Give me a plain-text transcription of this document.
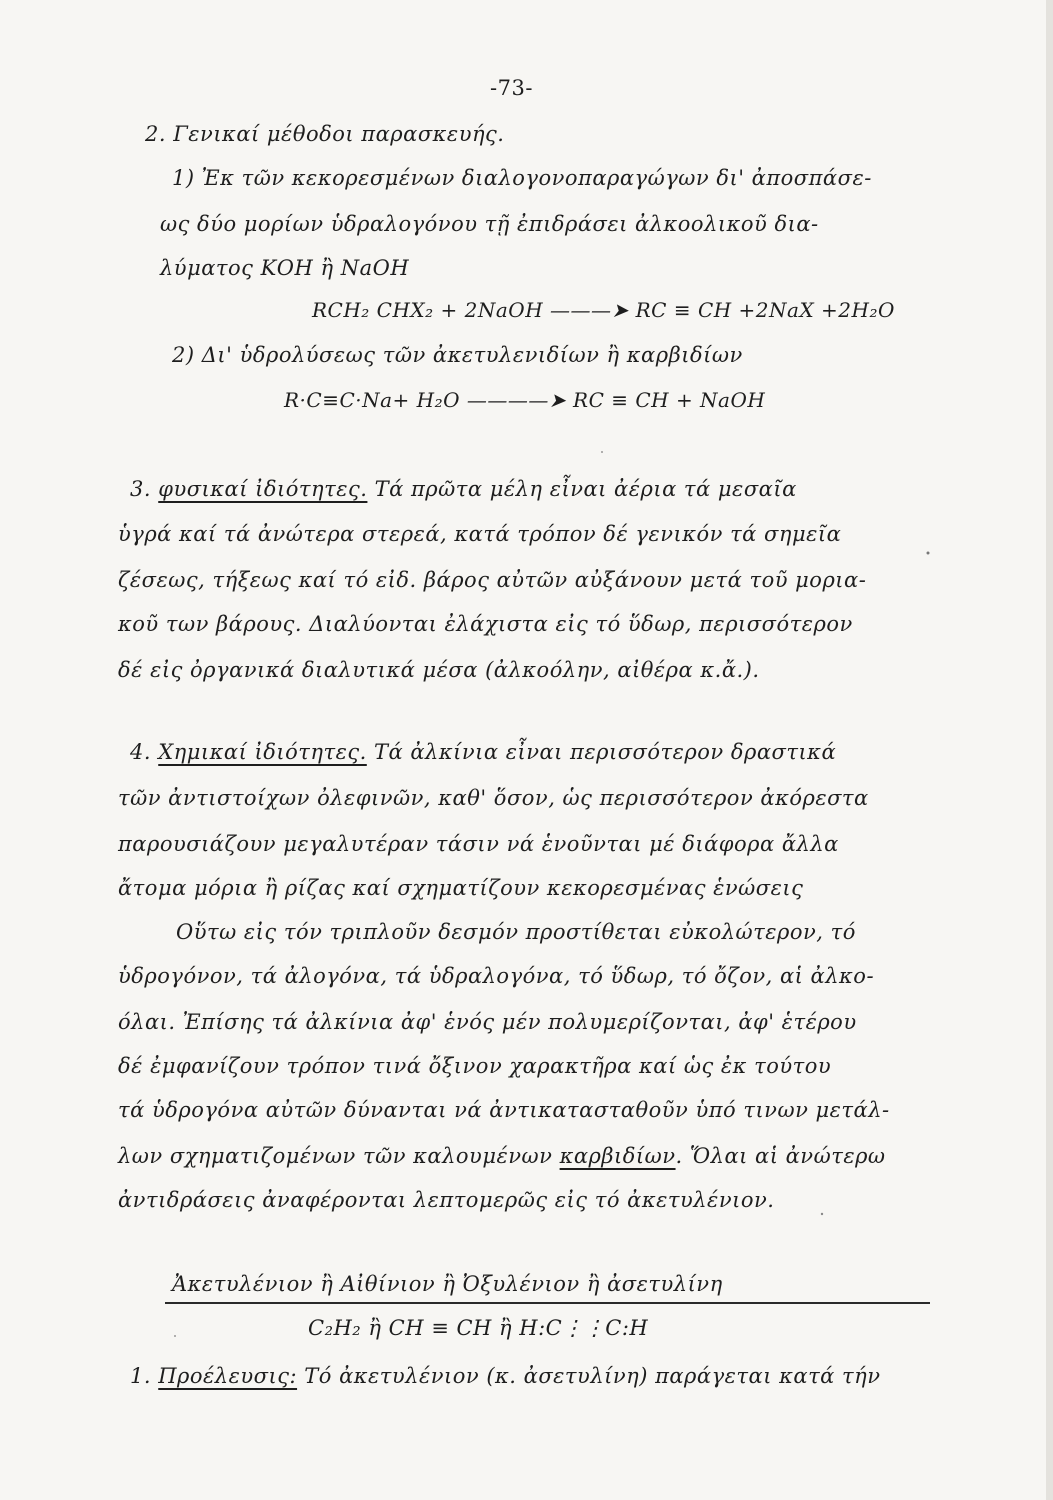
-73-
2. Γενικαί μέθοδοι παρασκευής.
1) Ἐκ τῶν κεκορεσμένων διαλογονοπαραγώγων δι' ἀποσπάσε-
ως δύο μορίων ὑδραλογόνου τῇ ἐπιδράσει ἀλκοολικοῦ δια-
λύματος ΚΟΗ ἢ NaOH
RCH₂ CHX₂ + 2NaOH ———➤ RC ≡ CH +2NaX +2H₂O
2) Δι' ὑδρολύσεως τῶν ἀκετυλενιδίων ἢ καρβιδίων
R·C≡C·Na+ H₂O ————➤ RC ≡ CH + NaOH
3. φυσικαί ἰδιότητες. Τά πρῶτα μέλη εἶναι ἀέρια τά μεσαῖα
ὑγρά καί τά ἀνώτερα στερεά, κατά τρόπον δέ γενικόν τά σημεῖα
ζέσεως, τήξεως καί τό εἰδ. βάρος αὐτῶν αὐξάνουν μετά τοῦ μορια-
κοῦ των βάρους. Διαλύονται ἐλάχιστα εἰς τό ὕδωρ, περισσότερον
δέ εἰς ὀργανικά διαλυτικά μέσα (ἀλκοόλην, αἰθέρα κ.ἄ.).
4. Χημικαί ἰδιότητες. Τά ἀλκίνια εἶναι περισσότερον δραστικά
τῶν ἀντιστοίχων ὀλεφινῶν, καθ' ὅσον, ὡς περισσότερον ἀκόρεστα
παρουσιάζουν μεγαλυτέραν τάσιν νά ἑνοῦνται μέ διάφορα ἄλλα
ἄτομα μόρια ἢ ρίζας καί σχηματίζουν κεκορεσμένας ἑνώσεις
Οὕτω εἰς τόν τριπλοῦν δεσμόν προστίθεται εὐκολώτερον, τό
ὑδρογόνον, τά ἀλογόνα, τά ὑδραλογόνα, τό ὕδωρ, τό ὄζον, αἱ ἀλκο-
όλαι. Ἐπίσης τά ἀλκίνια ἀφ' ἑνός μέν πολυμερίζονται, ἀφ' ἑτέρου
δέ ἐμφανίζουν τρόπον τινά ὄξινον χαρακτῆρα καί ὡς ἐκ τούτου
τά ὑδρογόνα αὐτῶν δύνανται νά ἀντικατασταθοῦν ὑπό τινων μετάλ-
λων σχηματιζομένων τῶν καλουμένων καρβιδίων. Ὅλαι αἱ ἀνώτερω
ἀντιδράσεις ἀναφέρονται λεπτομερῶς εἰς τό ἀκετυλένιον.
Ἀκετυλένιον ἢ Αἰθίνιον ἢ Ὀξυλένιον ἢ ἀσετυλίνη
C₂H₂ ἢ CH ≡ CH ἢ H:C⋮⋮C:H
1. Προέλευσις: Τό ἀκετυλένιον (κ. ἀσετυλίνη) παράγεται κατά τήν
